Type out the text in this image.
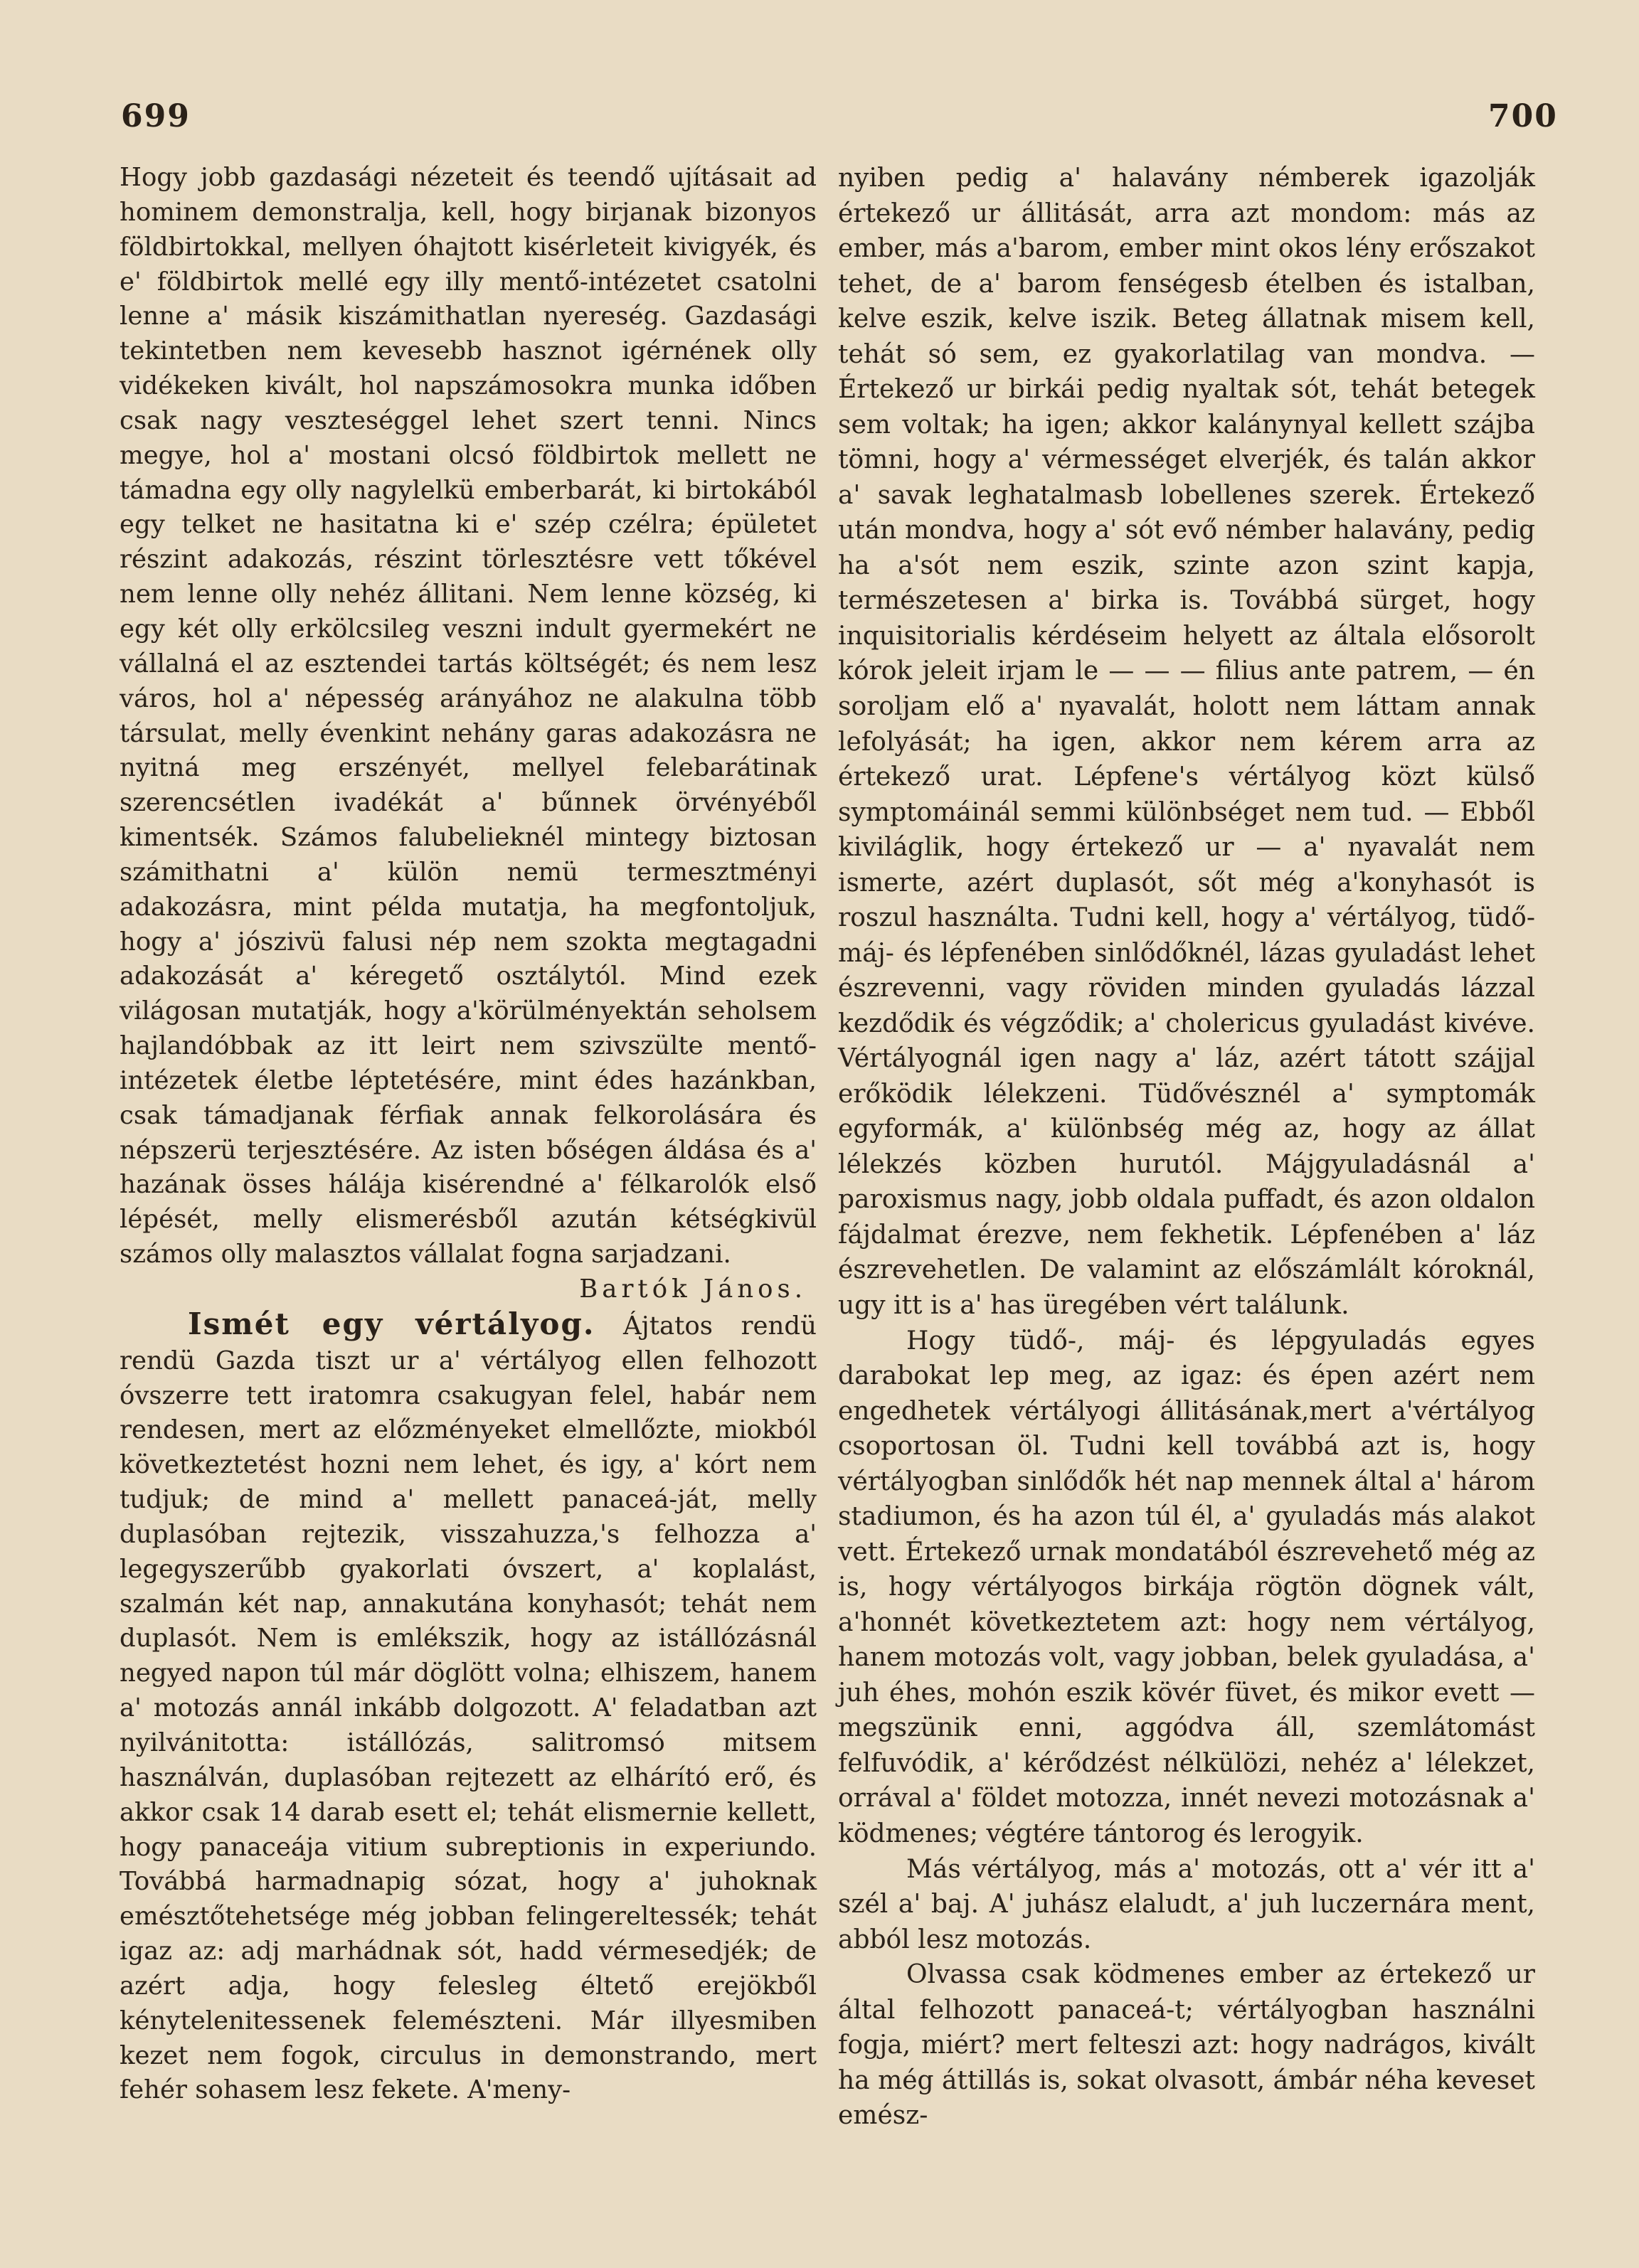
699	700

Hogy jobb gazdasági nézeteit és teendő ujításait ad hominem demonstralja, kell, hogy birjanak bizonyos földbirtokkal, mellyen óhajtott kisérleteit kivigyék, és e' földbirtok mellé egy illy mentő-intézetet csatolni lenne a' másik kiszámithatlan nyereség. Gazdasági tekintetben nem kevesebb hasznot igérnének olly vidékeken kivált, hol napszámosokra munka időben csak nagy veszteséggel lehet szert tenni. Nincs megye, hol a' mostani olcsó földbirtok mellett ne támadna egy olly nagylelkü emberbarát, ki birtokából egy telket ne hasitatna ki e' szép czélra; épületet részint adakozás, részint törlesztésre vett tőkével nem lenne olly nehéz állitani. Nem lenne község, ki egy két olly erkölcsileg veszni indult gyermekért ne vállalná el az esztendei tartás költségét; és nem lesz város, hol a' népesség arányához ne alakulna több társulat, melly évenkint nehány garas adakozásra ne nyitná meg erszényét, mellyel felebarátinak szerencsétlen ivadékát a' bűnnek örvényéből kimentsék. Számos falubelieknél mintegy biztosan számithatni a' külön nemü termesztményi adakozásra, mint példa mutatja, ha megfontoljuk, hogy a' jószivü falusi nép nem szokta megtagadni adakozását a' kéregető osztálytól. Mind ezek világosan mutatják, hogy a'körülményektán seholsem hajlandóbbak az itt leirt nem szivszülte mentő-intézetek életbe léptetésére, mint édes hazánkban, csak támadjanak férfiak annak felkorolására és népszerü terjesztésére. Az isten bőségen áldása és a' hazának össes hálája kisérendné a' félkarolók első lépését, melly elismerésből azután kétségkivül számos olly malasztos vállalat fogna sarjadzani.

Bartók János.

Ismét egy vértályog. Ájtatos rendü rendü Gazda tiszt ur a' vértályog ellen felhozott óvszerre tett iratomra csakugyan felel, habár nem rendesen, mert az előzményeket elmellőzte, miokból következtetést hozni nem lehet, és igy, a' kórt nem tudjuk; de mind a' mellett panaceá-ját, melly duplasóban rejtezik, visszahuzza,'s felhozza a' legegyszerűbb gyakorlati óvszert, a' koplalást, szalmán két nap, annakutána konyhasót; tehát nem duplasót. Nem is emlékszik, hogy az istállózásnál negyed napon túl már döglött volna; elhiszem, hanem a' motozás annál inkább dolgozott. A' feladatban azt nyilvánitotta: istállózás, salitromsó mitsem használván, duplasóban rejtezett az elhárító erő, és akkor csak 14 darab esett el; tehát elismernie kellett, hogy panaceája vitium subreptionis in experiundo. Továbbá harmadnapig sózat, hogy a' juhoknak emésztőtehetsége még jobban felingereltessék; tehát igaz az: adj marhádnak sót, hadd vérmesedjék; de azért adja, hogy felesleg éltető erejökből kénytelenitessenek felemészteni. Már illyesmiben kezet nem fogok, circulus in demonstrando, mert fehér sohasem lesz fekete. A'meny-

nyiben pedig a' halavány némberek igazolják értekező ur állitását, arra azt mondom: más az ember, más a'barom, ember mint okos lény erőszakot tehet, de a' barom fenségesb ételben és istalban, kelve eszik, kelve iszik. Beteg állatnak misem kell, tehát só sem, ez gyakorlatilag van mondva. — Értekező ur birkái pedig nyaltak sót, tehát betegek sem voltak; ha igen; akkor kalánynyal kellett szájba tömni, hogy a' vérmességet elverjék, és talán akkor a' savak leghatalmasb lobellenes szerek. Értekező után mondva, hogy a' sót evő némber halavány, pedig ha a'sót nem eszik, szinte azon szint kapja, természetesen a' birka is. Továbbá sürget, hogy inquisitorialis kérdéseim helyett az általa elősorolt kórok jeleit irjam le — — — filius ante patrem, — én soroljam elő a' nyavalát, holott nem láttam annak lefolyását; ha igen, akkor nem kérem arra az értekező urat. Lépfene's vértályog közt külső symptomáinál semmi különbséget nem tud. — Ebből kiviláglik, hogy értekező ur — a' nyavalát nem ismerte, azért duplasót, sőt még a'konyhasót is roszul használta. Tudni kell, hogy a' vértályog, tüdő-máj- és lépfenében sinlődőknél, lázas gyuladást lehet észrevenni, vagy röviden minden gyuladás lázzal kezdődik és végződik; a' cholericus gyuladást kivéve. Vértályognál igen nagy a' láz, azért tátott szájjal erőködik lélekzeni. Tüdővésznél a' symptomák egyformák, a' különbség még az, hogy az állat lélekzés közben hurutól. Májgyuladásnál a' paroxismus nagy, jobb oldala puffadt, és azon oldalon fájdalmat érezve, nem fekhetik. Lépfenében a' láz észrevehetlen. De valamint az előszámlált kóroknál, ugy itt is a' has üregében vért találunk.

Hogy tüdő-, máj- és lépgyuladás egyes darabokat lep meg, az igaz: és épen azért nem engedhetek vértályogi állitásának,mert a'vértályog csoportosan öl. Tudni kell továbbá azt is, hogy vértályogban sinlődők hét nap mennek által a' három stadiumon, és ha azon túl él, a' gyuladás más alakot vett. Értekező urnak mondatából észrevehető még az is, hogy vértályogos birkája rögtön dögnek vált, a'honnét következtetem azt: hogy nem vértályog, hanem motozás volt, vagy jobban, belek gyuladása, a' juh éhes, mohón eszik kövér füvet, és mikor evett — megszünik enni, aggódva áll, szemlátomást felfuvódik, a' kérődzést nélkülözi, nehéz a' lélekzet, orrával a' földet motozza, innét nevezi motozásnak a' ködmenes; végtére tántorog és lerogyik.

Más vértályog, más a' motozás, ott a' vér itt a' szél a' baj. A' juhász elaludt, a' juh luczernára ment, abból lesz motozás.

Olvassa csak ködmenes ember az értekező ur által felhozott panaceá-t; vértályogban használni fogja, miért? mert felteszi azt: hogy nadrágos, kivált ha még áttillás is, sokat olvasott, ámbár néha keveset emész-
